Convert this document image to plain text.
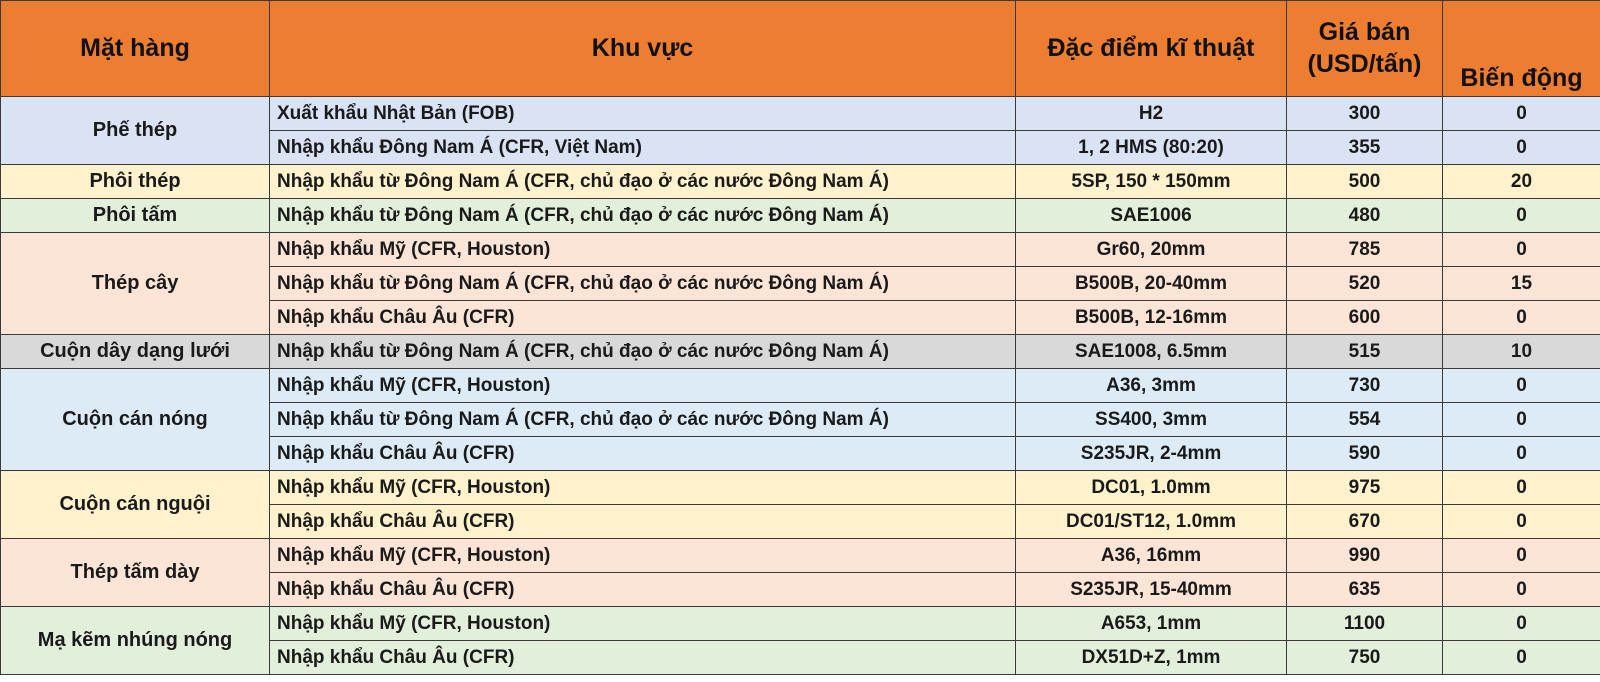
Mặt hàng	Khu vực	Đặc điểm kĩ thuật	Giá bán (USD/tấn)	Biến động
Phế thép	Xuất khẩu Nhật Bản (FOB)	H2	300	0
	Nhập khẩu Đông Nam Á (CFR, Việt Nam)	1, 2 HMS (80:20)	355	0
Phôi thép	Nhập khẩu từ Đông Nam Á (CFR, chủ đạo ở các nước Đông Nam Á)	5SP, 150 * 150mm	500	20
Phôi tấm	Nhập khẩu từ Đông Nam Á (CFR, chủ đạo ở các nước Đông Nam Á)	SAE1006	480	0
Thép cây	Nhập khẩu Mỹ (CFR, Houston)	Gr60, 20mm	785	0
	Nhập khẩu từ Đông Nam Á (CFR, chủ đạo ở các nước Đông Nam Á)	B500B, 20-40mm	520	15
	Nhập khẩu Châu Âu (CFR)	B500B, 12-16mm	600	0
Cuộn dây dạng lưới	Nhập khẩu từ Đông Nam Á (CFR, chủ đạo ở các nước Đông Nam Á)	SAE1008, 6.5mm	515	10
Cuộn cán nóng	Nhập khẩu Mỹ (CFR, Houston)	A36, 3mm	730	0
	Nhập khẩu từ Đông Nam Á (CFR, chủ đạo ở các nước Đông Nam Á)	SS400, 3mm	554	0
	Nhập khẩu Châu Âu (CFR)	S235JR, 2-4mm	590	0
Cuộn cán nguội	Nhập khẩu Mỹ (CFR, Houston)	DC01, 1.0mm	975	0
	Nhập khẩu Châu Âu (CFR)	DC01/ST12, 1.0mm	670	0
Thép tấm dày	Nhập khẩu Mỹ (CFR, Houston)	A36, 16mm	990	0
	Nhập khẩu Châu Âu (CFR)	S235JR, 15-40mm	635	0
Mạ kẽm nhúng nóng	Nhập khẩu Mỹ (CFR, Houston)	A653, 1mm	1100	0
	Nhập khẩu Châu Âu (CFR)	DX51D+Z, 1mm	750	0
